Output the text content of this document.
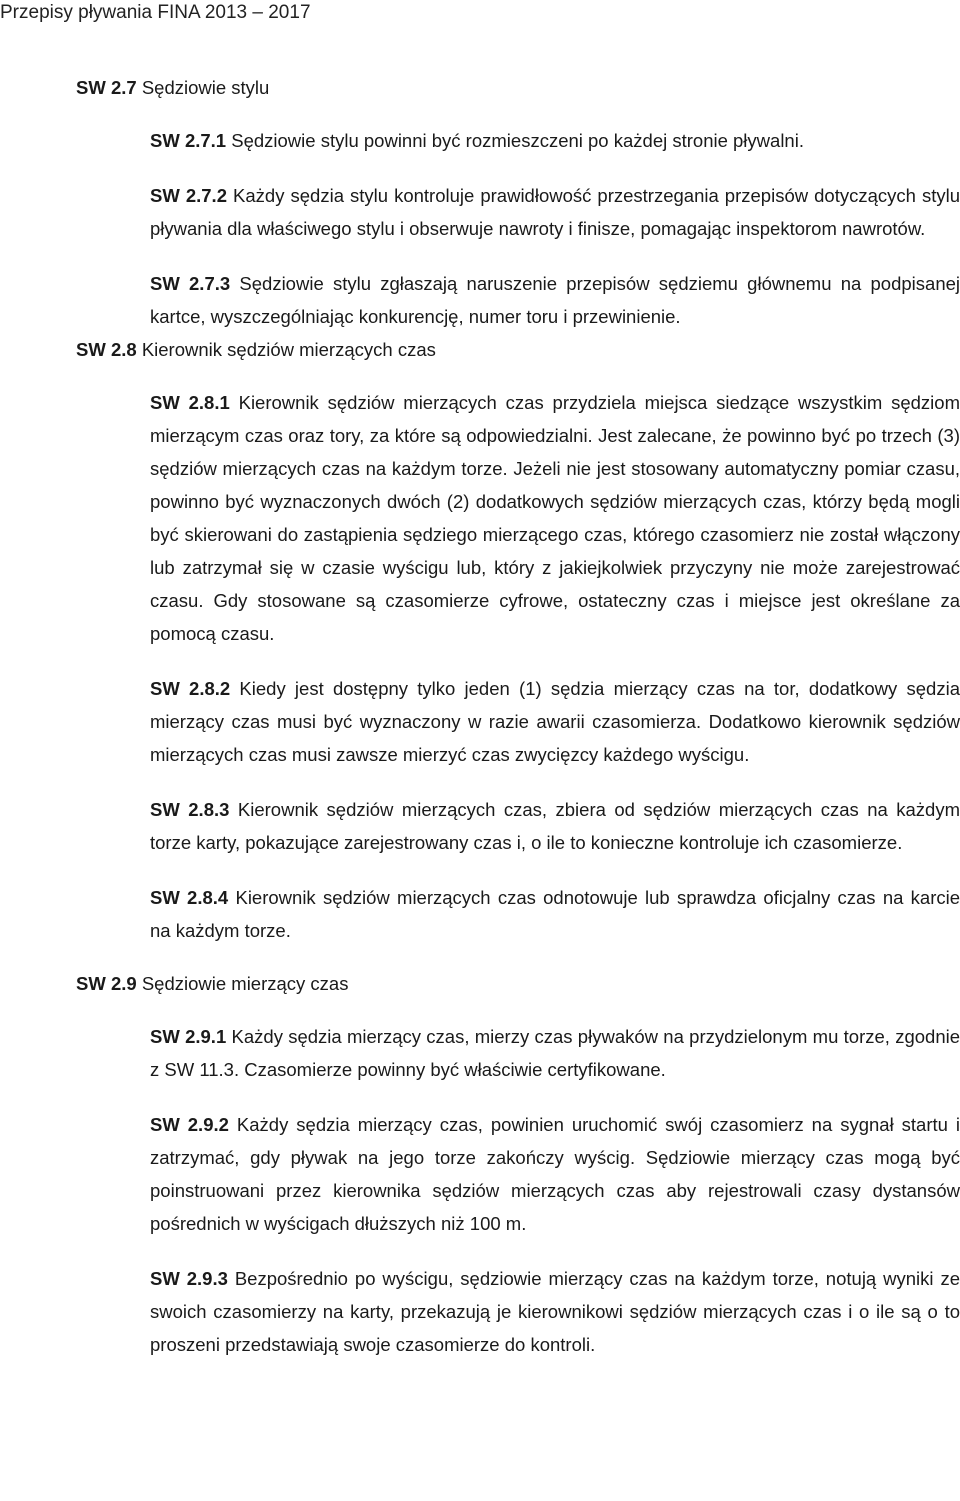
Przepisy pływania FINA 2013 – 2017

SW 2.7 Sędziowie stylu

SW 2.7.1 Sędziowie stylu powinni być rozmieszczeni po każdej stronie pływalni.

SW 2.7.2 Każdy sędzia stylu kontroluje prawidłowość przestrzegania przepisów dotyczących stylu pływania dla właściwego stylu i obserwuje nawroty i finisze, pomagając inspektorom nawrotów.

SW 2.7.3 Sędziowie stylu zgłaszają naruszenie przepisów sędziemu głównemu na podpisanej kartce, wyszczególniając konkurencję, numer toru i przewinienie.

SW 2.8 Kierownik sędziów mierzących czas

SW 2.8.1 Kierownik sędziów mierzących czas przydziela miejsca siedzące wszystkim sędziom mierzącym czas oraz tory, za które są odpowiedzialni. Jest zalecane, że powinno być po trzech (3) sędziów mierzących czas na każdym torze. Jeżeli nie jest stosowany automatyczny pomiar czasu, powinno być wyznaczonych dwóch (2) dodatkowych sędziów mierzących czas, którzy będą mogli być skierowani do zastąpienia sędziego mierzącego czas, którego czasomierz nie został włączony lub zatrzymał się w czasie wyścigu lub, który z jakiejkolwiek przyczyny nie może zarejestrować czasu. Gdy stosowane są czasomierze cyfrowe, ostateczny czas i miejsce jest określane za pomocą czasu.

SW 2.8.2 Kiedy jest dostępny tylko jeden (1) sędzia mierzący czas na tor, dodatkowy sędzia mierzący czas musi być wyznaczony w razie awarii czasomierza. Dodatkowo kierownik sędziów mierzących czas musi zawsze mierzyć czas zwycięzcy każdego wyścigu.

SW 2.8.3 Kierownik sędziów mierzących czas, zbiera od sędziów mierzących czas na każdym torze karty, pokazujące zarejestrowany czas i, o ile to konieczne kontroluje ich czasomierze.

SW 2.8.4 Kierownik sędziów mierzących czas odnotowuje lub sprawdza oficjalny czas na karcie na każdym torze.

SW 2.9 Sędziowie mierzący czas

SW 2.9.1 Każdy sędzia mierzący czas, mierzy czas pływaków na przydzielonym mu torze, zgodnie z SW 11.3. Czasomierze powinny być właściwie certyfikowane.

SW 2.9.2 Każdy sędzia mierzący czas, powinien uruchomić swój czasomierz na sygnał startu i zatrzymać, gdy pływak na jego torze zakończy wyścig. Sędziowie mierzący czas mogą być poinstruowani przez kierownika sędziów mierzących czas aby rejestrowali czasy dystansów pośrednich w wyścigach dłuższych niż 100 m.

SW 2.9.3 Bezpośrednio po wyścigu, sędziowie mierzący czas na każdym torze, notują wyniki ze swoich czasomierzy na karty, przekazują je kierownikowi sędziów mierzących czas i o ile są o to proszeni przedstawiają swoje czasomierze do kontroli.
